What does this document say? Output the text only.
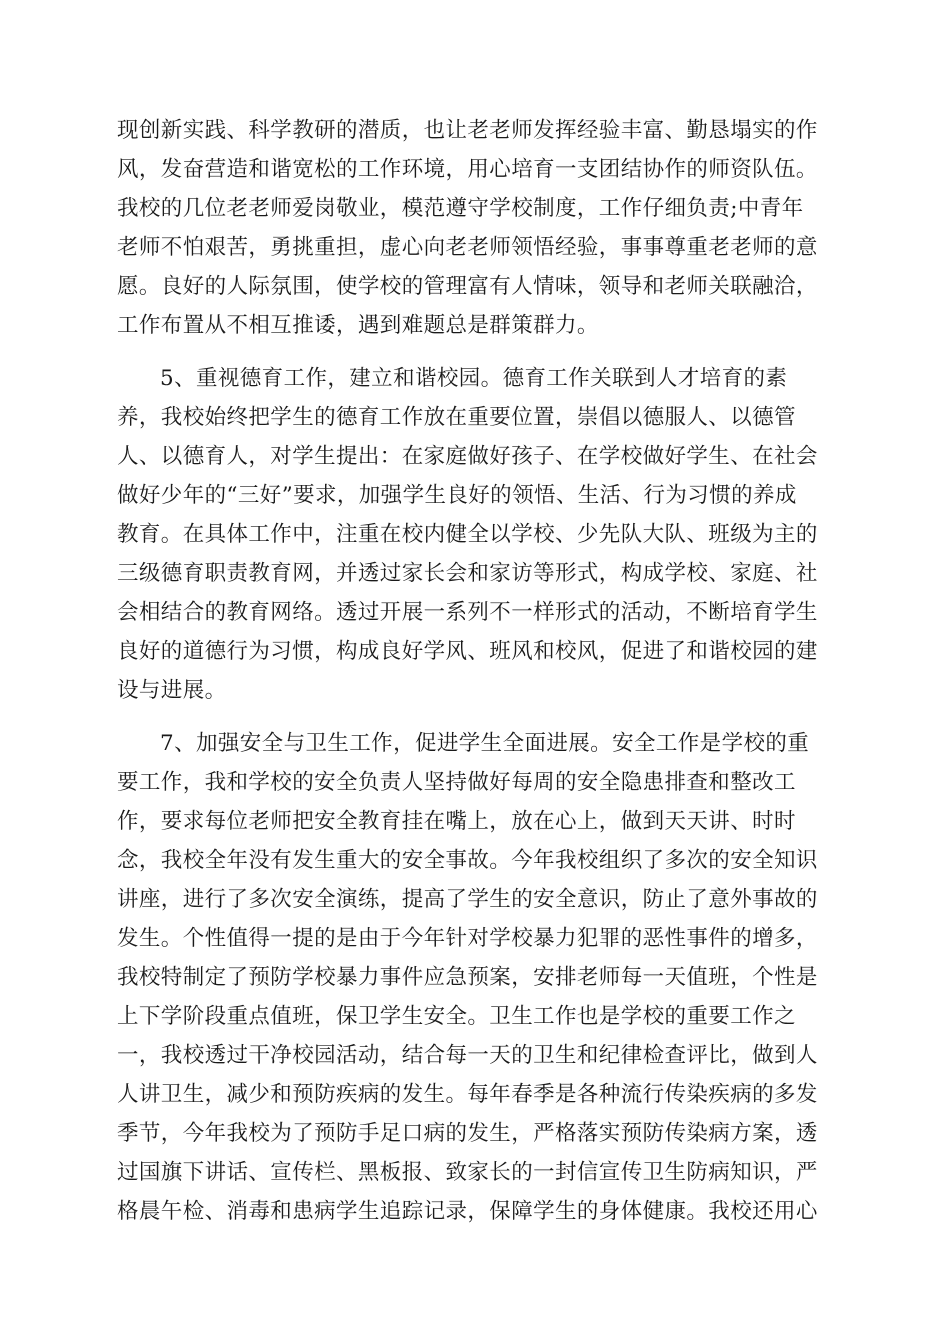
现创新实践、科学教研的潜质，也让老老师发挥经验丰富、勤恳塌实的作
风，发奋营造和谐宽松的工作环境，用心培育一支团结协作的师资队伍。
我校的几位老老师爱岗敬业，模范遵守学校制度，工作仔细负责;中青年
老师不怕艰苦，勇挑重担，虚心向老老师领悟经验，事事尊重老老师的意
愿。良好的人际氛围，使学校的管理富有人情味，领导和老师关联融洽，
工作布置从不相互推诿，遇到难题总是群策群力。
5、重视德育工作，建立和谐校园。德育工作关联到人才培育的素
养，我校始终把学生的德育工作放在重要位置，崇倡以德服人、以德管
人、以德育人，对学生提出：在家庭做好孩子、在学校做好学生、在社会
做好少年的“三好”要求，加强学生良好的领悟、生活、行为习惯的养成
教育。在具体工作中，注重在校内健全以学校、少先队大队、班级为主的
三级德育职责教育网，并透过家长会和家访等形式，构成学校、家庭、社
会相结合的教育网络。透过开展一系列不一样形式的活动，不断培育学生
良好的道德行为习惯，构成良好学风、班风和校风，促进了和谐校园的建
设与进展。
7、加强安全与卫生工作，促进学生全面进展。安全工作是学校的重
要工作，我和学校的安全负责人坚持做好每周的安全隐患排查和整改工
作，要求每位老师把安全教育挂在嘴上，放在心上，做到天天讲、时时
念，我校全年没有发生重大的安全事故。今年我校组织了多次的安全知识
讲座，进行了多次安全演练，提高了学生的安全意识，防止了意外事故的
发生。个性值得一提的是由于今年针对学校暴力犯罪的恶性事件的增多，
我校特制定了预防学校暴力事件应急预案，安排老师每一天值班，个性是
上下学阶段重点值班，保卫学生安全。卫生工作也是学校的重要工作之
一，我校透过干净校园活动，结合每一天的卫生和纪律检查评比，做到人
人讲卫生，减少和预防疾病的发生。每年春季是各种流行传染疾病的多发
季节，今年我校为了预防手足口病的发生，严格落实预防传染病方案，透
过国旗下讲话、宣传栏、黑板报、致家长的一封信宣传卫生防病知识，严
格晨午检、消毒和患病学生追踪记录，保障学生的身体健康。我校还用心
